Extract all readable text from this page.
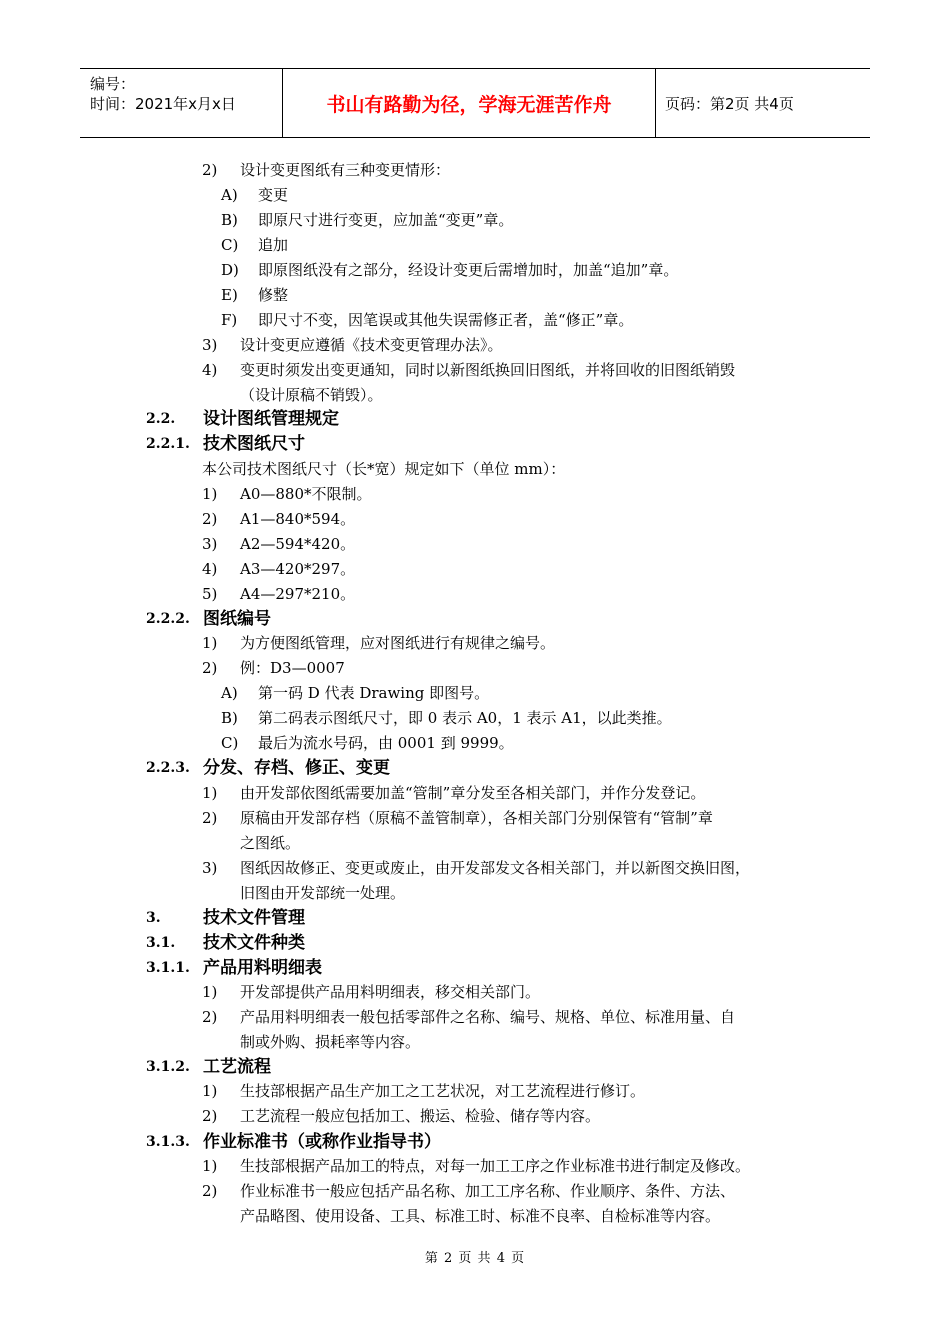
编号：
时间：2021年x月x日	书山有路勤为径，学海无涯苦作舟	页码：第2页 共4页
2) 设计变更图纸有三种变更情形：
A) 变更
B) 即原尺寸进行变更，应加盖“变更”章。
C) 追加
D) 即原图纸没有之部分，经设计变更后需增加时，加盖“追加”章。
E) 修整
F) 即尺寸不变，因笔误或其他失误需修正者，盖“修正”章。
3) 设计变更应遵循《技术变更管理办法》。
4) 变更时须发出变更通知，同时以新图纸换回旧图纸，并将回收的旧图纸销毁
（设计原稿不销毁）。
2.2. 设计图纸管理规定
2.2.1. 技术图纸尺寸
本公司技术图纸尺寸（长*宽）规定如下（单位 mm）：
1) A0—880*不限制。
2) A1—840*594。
3) A2—594*420。
4) A3—420*297。
5) A4—297*210。
2.2.2. 图纸编号
1) 为方便图纸管理，应对图纸进行有规律之编号。
2) 例：D3—0007
A) 第一码 D 代表 Drawing 即图号。
B) 第二码表示图纸尺寸，即 0 表示 A0，1 表示 A1，以此类推。
C) 最后为流水号码，由 0001 到 9999。
2.2.3. 分发、存档、修正、变更
1) 由开发部依图纸需要加盖“管制”章分发至各相关部门，并作分发登记。
2) 原稿由开发部存档（原稿不盖管制章），各相关部门分别保管有“管制”章
之图纸。
3) 图纸因故修正、变更或废止，由开发部发文各相关部门，并以新图交换旧图，
旧图由开发部统一处理。
3. 技术文件管理
3.1. 技术文件种类
3.1.1. 产品用料明细表
1) 开发部提供产品用料明细表，移交相关部门。
2) 产品用料明细表一般包括零部件之名称、编号、规格、单位、标准用量、自
制或外购、损耗率等内容。
3.1.2. 工艺流程
1) 生技部根据产品生产加工之工艺状况，对工艺流程进行修订。
2) 工艺流程一般应包括加工、搬运、检验、储存等内容。
3.1.3. 作业标准书（或称作业指导书）
1) 生技部根据产品加工的特点，对每一加工工序之作业标准书进行制定及修改。
2) 作业标准书一般应包括产品名称、加工工序名称、作业顺序、条件、方法、
产品略图、使用设备、工具、标准工时、标准不良率、自检标准等内容。
第 2 页 共 4 页
